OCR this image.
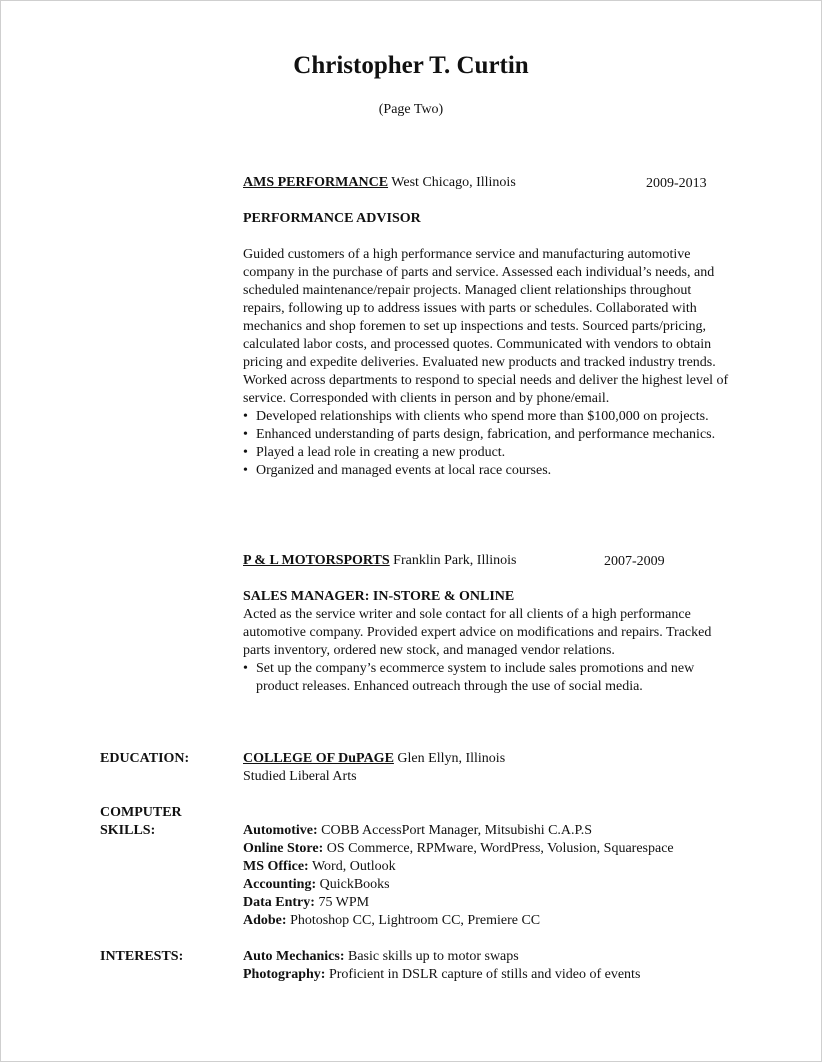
Christopher T. Curtin
(Page Two)
AMS PERFORMANCE West Chicago, Illinois	2009-2013
PERFORMANCE ADVISOR

Guided customers of a high performance service and manufacturing automotive company in the purchase of parts and service. Assessed each individual’s needs, and scheduled maintenance/repair projects. Managed client relationships throughout repairs, following up to address issues with parts or schedules. Collaborated with mechanics and shop foremen to set up inspections and tests. Sourced parts/pricing, calculated labor costs, and processed quotes. Communicated with vendors to obtain pricing and expedite deliveries. Evaluated new products and tracked industry trends. Worked across departments to respond to special needs and deliver the highest level of service. Corresponded with clients in person and by phone/email.

• Developed relationships with clients who spend more than $100,000 on projects.
• Enhanced understanding of parts design, fabrication, and performance mechanics.
• Played a lead role in creating a new product.
• Organized and managed events at local race courses.
P & L MOTORSPORTS Franklin Park, Illinois	2007-2009
SALES MANAGER: IN-STORE & ONLINE

Acted as the service writer and sole contact for all clients of a high performance automotive company. Provided expert advice on modifications and repairs. Tracked parts inventory, ordered new stock, and managed vendor relations.

• Set up the company’s ecommerce system to include sales promotions and new product releases. Enhanced outreach through the use of social media.
EDUCATION:	COLLEGE OF DuPAGE Glen Ellyn, Illinois
Studied Liberal Arts
COMPUTER
SKILLS:	Automotive: COBB AccessPort Manager, Mitsubishi C.A.P.S
Online Store: OS Commerce, RPMware, WordPress, Volusion, Squarespace
MS Office: Word, Outlook
Accounting: QuickBooks
Data Entry: 75 WPM
Adobe: Photoshop CC, Lightroom CC, Premiere CC
INTERESTS:	Auto Mechanics: Basic skills up to motor swaps
Photography: Proficient in DSLR capture of stills and video of events
